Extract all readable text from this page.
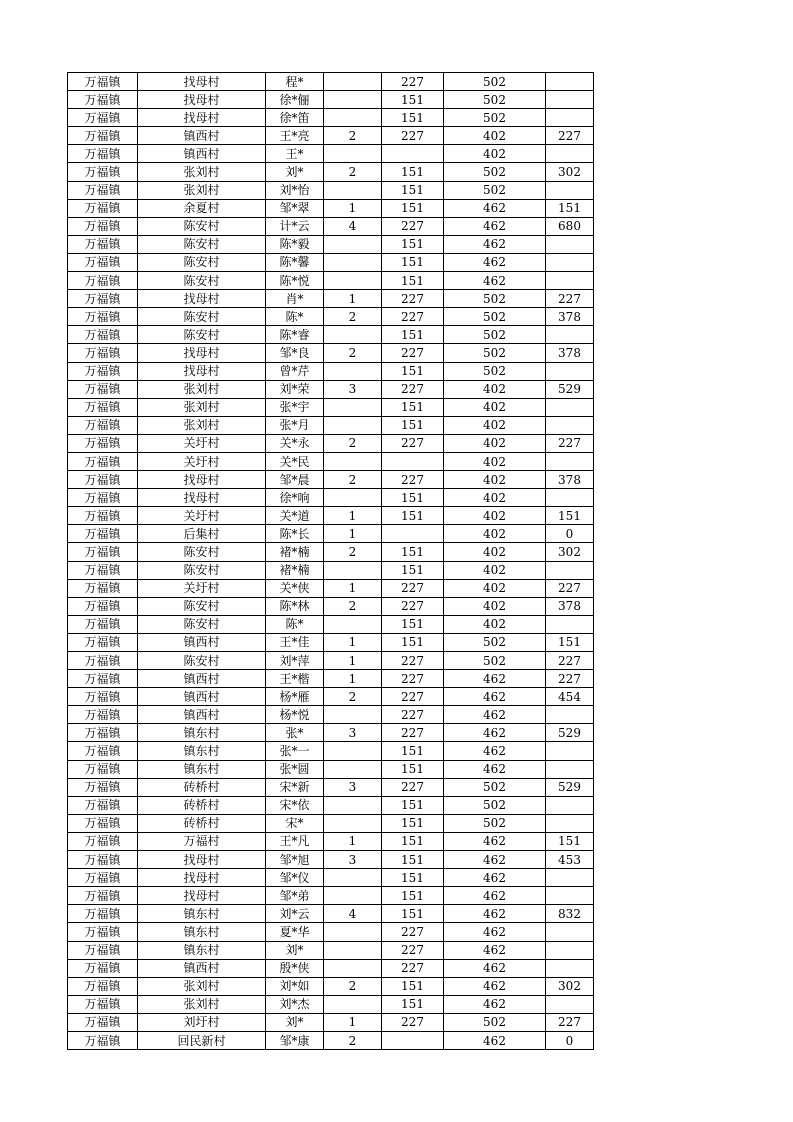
万福镇	找母村	程*		227	502	
万福镇	找母村	徐*俪		151	502	
万福镇	找母村	徐*笛		151	502	
万福镇	镇西村	王*亮	2	227	402	227
万福镇	镇西村	王*			402	
万福镇	张刘村	刘*	2	151	502	302
万福镇	张刘村	刘*怡		151	502	
万福镇	余夏村	邹*翠	1	151	462	151
万福镇	陈安村	计*云	4	227	462	680
万福镇	陈安村	陈*毅		151	462	
万福镇	陈安村	陈*馨		151	462	
万福镇	陈安村	陈*悦		151	462	
万福镇	找母村	肖*	1	227	502	227
万福镇	陈安村	陈*	2	227	502	378
万福镇	陈安村	陈*睿		151	502	
万福镇	找母村	邹*良	2	227	502	378
万福镇	找母村	曾*芹		151	502	
万福镇	张刘村	刘*荣	3	227	402	529
万福镇	张刘村	张*宇		151	402	
万福镇	张刘村	张*月		151	402	
万福镇	关圩村	关*永	2	227	402	227
万福镇	关圩村	关*民			402	
万福镇	找母村	邹*晨	2	227	402	378
万福镇	找母村	徐*响		151	402	
万福镇	关圩村	关*道	1	151	402	151
万福镇	后集村	陈*长	1		402	0
万福镇	陈安村	褚*楠	2	151	402	302
万福镇	陈安村	褚*楠		151	402	
万福镇	关圩村	关*侠	1	227	402	227
万福镇	陈安村	陈*林	2	227	402	378
万福镇	陈安村	陈*		151	402	
万福镇	镇西村	王*佳	1	151	502	151
万福镇	陈安村	刘*萍	1	227	502	227
万福镇	镇西村	王*楷	1	227	462	227
万福镇	镇西村	杨*雁	2	227	462	454
万福镇	镇西村	杨*悦		227	462	
万福镇	镇东村	张*	3	227	462	529
万福镇	镇东村	张*一		151	462	
万福镇	镇东村	张*圆		151	462	
万福镇	砖桥村	宋*新	3	227	502	529
万福镇	砖桥村	宋*依		151	502	
万福镇	砖桥村	宋*		151	502	
万福镇	万福村	王*凡	1	151	462	151
万福镇	找母村	邹*旭	3	151	462	453
万福镇	找母村	邹*仪		151	462	
万福镇	找母村	邹*弟		151	462	
万福镇	镇东村	刘*云	4	151	462	832
万福镇	镇东村	夏*华		227	462	
万福镇	镇东村	刘*		227	462	
万福镇	镇西村	殷*侠		227	462	
万福镇	张刘村	刘*如	2	151	462	302
万福镇	张刘村	刘*杰		151	462	
万福镇	刘圩村	刘*	1	227	502	227
万福镇	回民新村	邹*康	2		462	0
